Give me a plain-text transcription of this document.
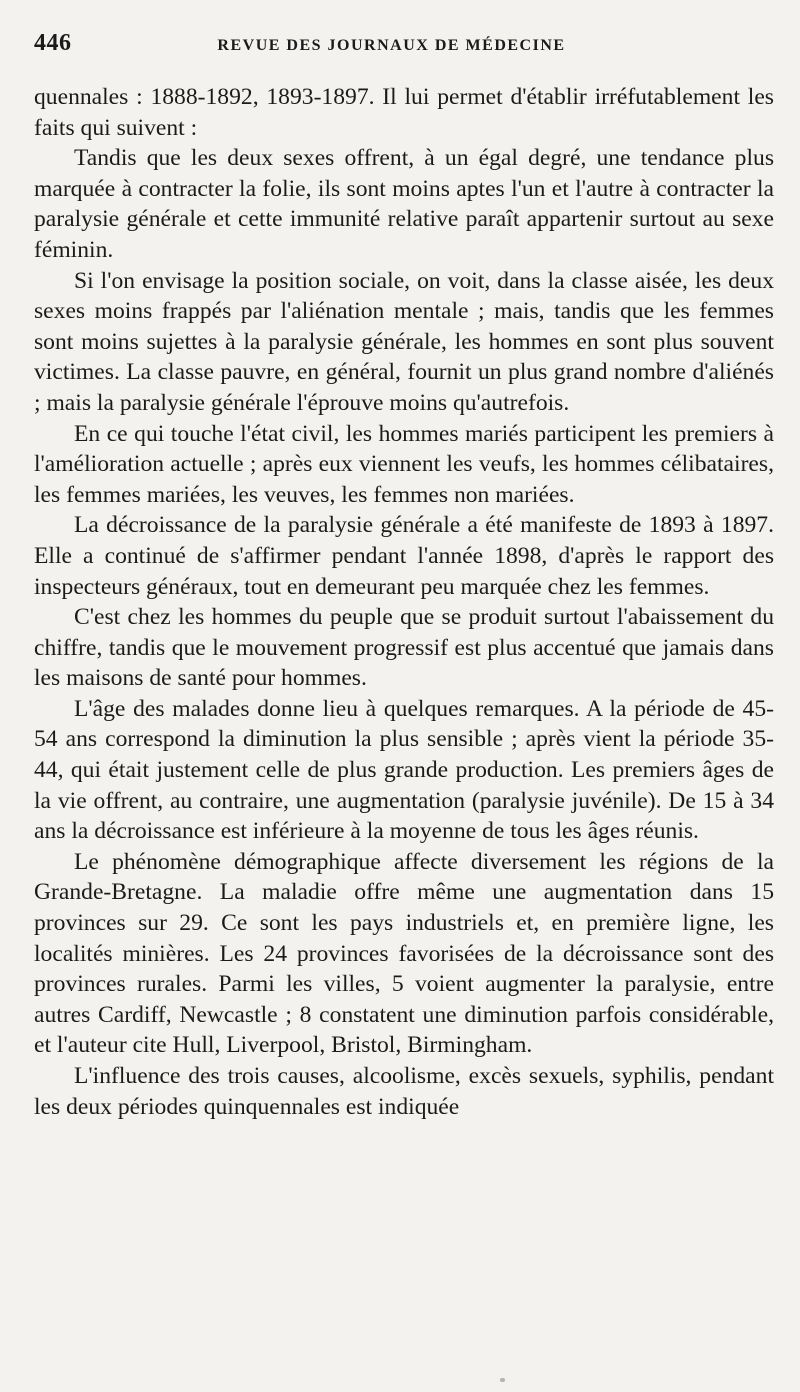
446	REVUE DES JOURNAUX DE MÉDECINE

quennales : 1888-1892, 1893-1897. Il lui permet d'établir irréfutablement les faits qui suivent :

Tandis que les deux sexes offrent, à un égal degré, une tendance plus marquée à contracter la folie, ils sont moins aptes l'un et l'autre à contracter la paralysie générale et cette immunité relative paraît appartenir surtout au sexe féminin.

Si l'on envisage la position sociale, on voit, dans la classe aisée, les deux sexes moins frappés par l'aliénation mentale ; mais, tandis que les femmes sont moins sujettes à la paralysie générale, les hommes en sont plus souvent victimes. La classe pauvre, en général, fournit un plus grand nombre d'aliénés ; mais la paralysie générale l'éprouve moins qu'autrefois.

En ce qui touche l'état civil, les hommes mariés participent les premiers à l'amélioration actuelle ; après eux viennent les veufs, les hommes célibataires, les femmes mariées, les veuves, les femmes non mariées.

La décroissance de la paralysie générale a été manifeste de 1893 à 1897. Elle a continué de s'affirmer pendant l'année 1898, d'après le rapport des inspecteurs généraux, tout en demeurant peu marquée chez les femmes.

C'est chez les hommes du peuple que se produit surtout l'abaissement du chiffre, tandis que le mouvement progressif est plus accentué que jamais dans les maisons de santé pour hommes.

L'âge des malades donne lieu à quelques remarques. A la période de 45-54 ans correspond la diminution la plus sensible ; après vient la période 35-44, qui était justement celle de plus grande production. Les premiers âges de la vie offrent, au contraire, une augmentation (paralysie juvénile). De 15 à 34 ans la décroissance est inférieure à la moyenne de tous les âges réunis.

Le phénomène démographique affecte diversement les régions de la Grande-Bretagne. La maladie offre même une augmentation dans 15 provinces sur 29. Ce sont les pays industriels et, en première ligne, les localités minières. Les 24 provinces favorisées de la décroissance sont des provinces rurales. Parmi les villes, 5 voient augmenter la paralysie, entre autres Cardiff, Newcastle ; 8 constatent une diminution parfois considérable, et l'auteur cite Hull, Liverpool, Bristol, Birmingham.

L'influence des trois causes, alcoolisme, excès sexuels, syphilis, pendant les deux périodes quinquennales est indiquée
